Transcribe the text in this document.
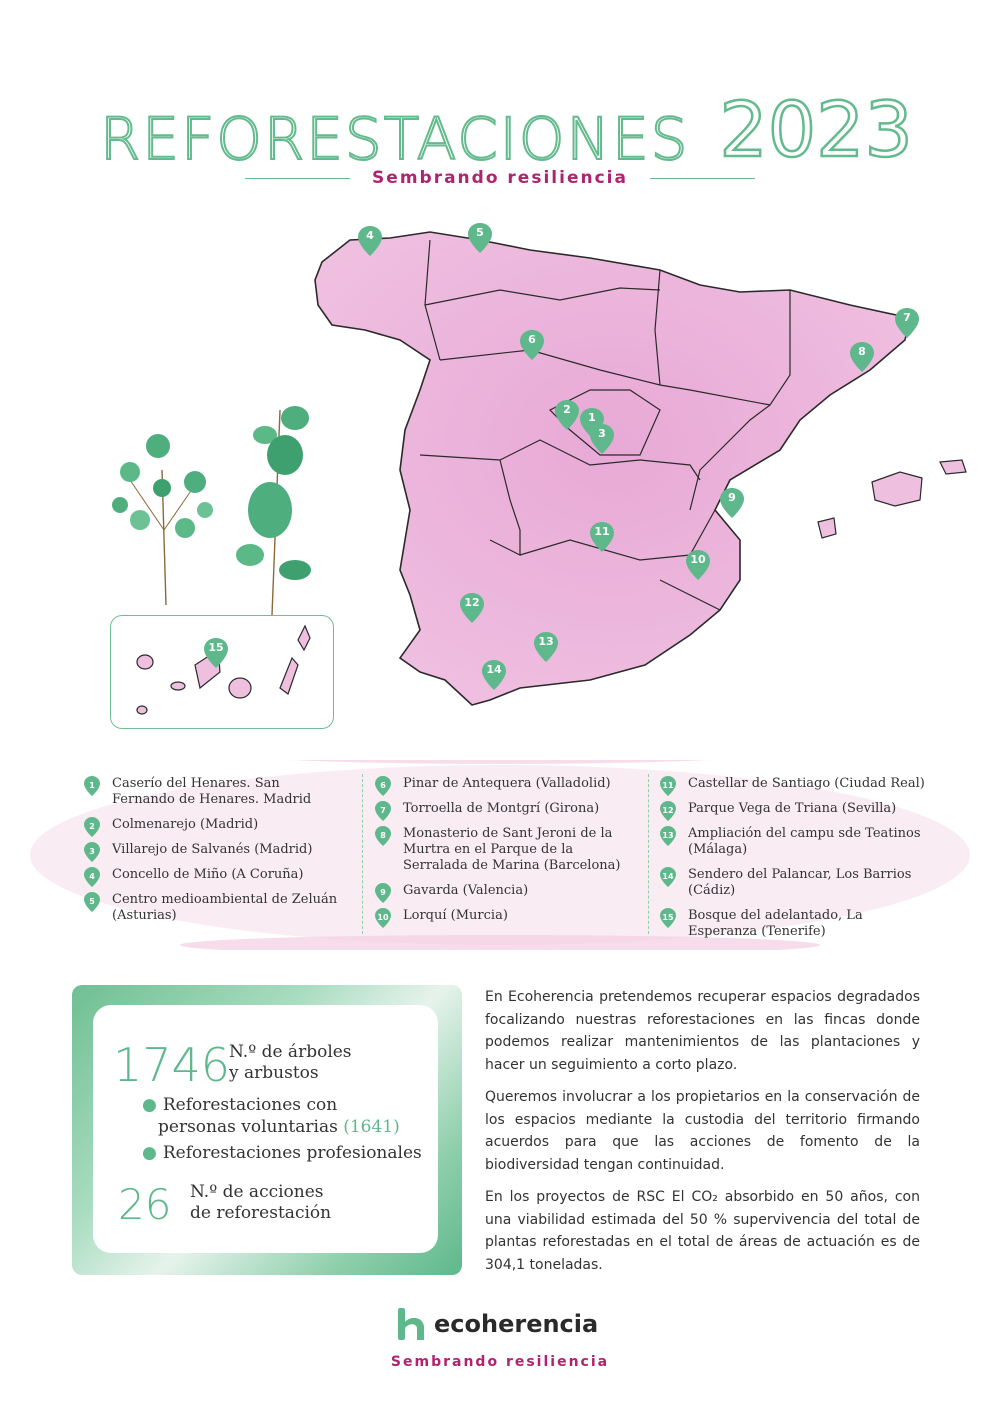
REFORESTACIONES 2023
Sembrando resiliencia
4	5
6
7
8
2
1
3
9
11
10
12
13
14
15
1	Caserío del Henares. San Fernando de Henares. Madrid
2	Colmenarejo (Madrid)
3	Villarejo de Salvanés (Madrid)
4	Concello de Miño (A Coruña)
5	Centro medioambiental de Zeluán (Asturias)
6	Pinar de Antequera (Valladolid)
7	Torroella de Montgrí (Girona)
8	Monasterio de Sant Jeroni de la Murtra en el Parque de la Serralada de Marina (Barcelona)
9	Gavarda (Valencia)
10 Lorquí (Murcia)
11 Castellar de Santiago (Ciudad Real)
12 Parque Vega de Triana (Sevilla)
13 Ampliación del campu sde Teatinos (Málaga)
14 Sendero del Palancar, Los Barrios (Cádiz)
15 Bosque del adelantado, La Esperanza (Tenerife)
1746
N.º de árboles
y arbustos
● Reforestaciones con
personas voluntarias (1641)
● Reforestaciones profesionales
26 N.º de acciones
de reforestación

En Ecoherencia pretendemos recuperar espacios degradados focalizando nuestras reforestaciones en las fincas donde podemos realizar mantenimientos de las plantaciones y hacer un seguimiento a corto plazo.

Queremos involucrar a los propietarios en la conservación de los espacios mediante la custodia del territorio firmando acuerdos para que las acciones de fomento de la biodiversidad tengan continuidad.

En los proyectos de RSC El CO₂ absorbido en 50 años, con una viabilidad estimada del 50 % supervivencia del total de plantas reforestadas en el total de áreas de actuación es de 304,1 toneladas.

ecoherencia
Sembrando resiliencia
